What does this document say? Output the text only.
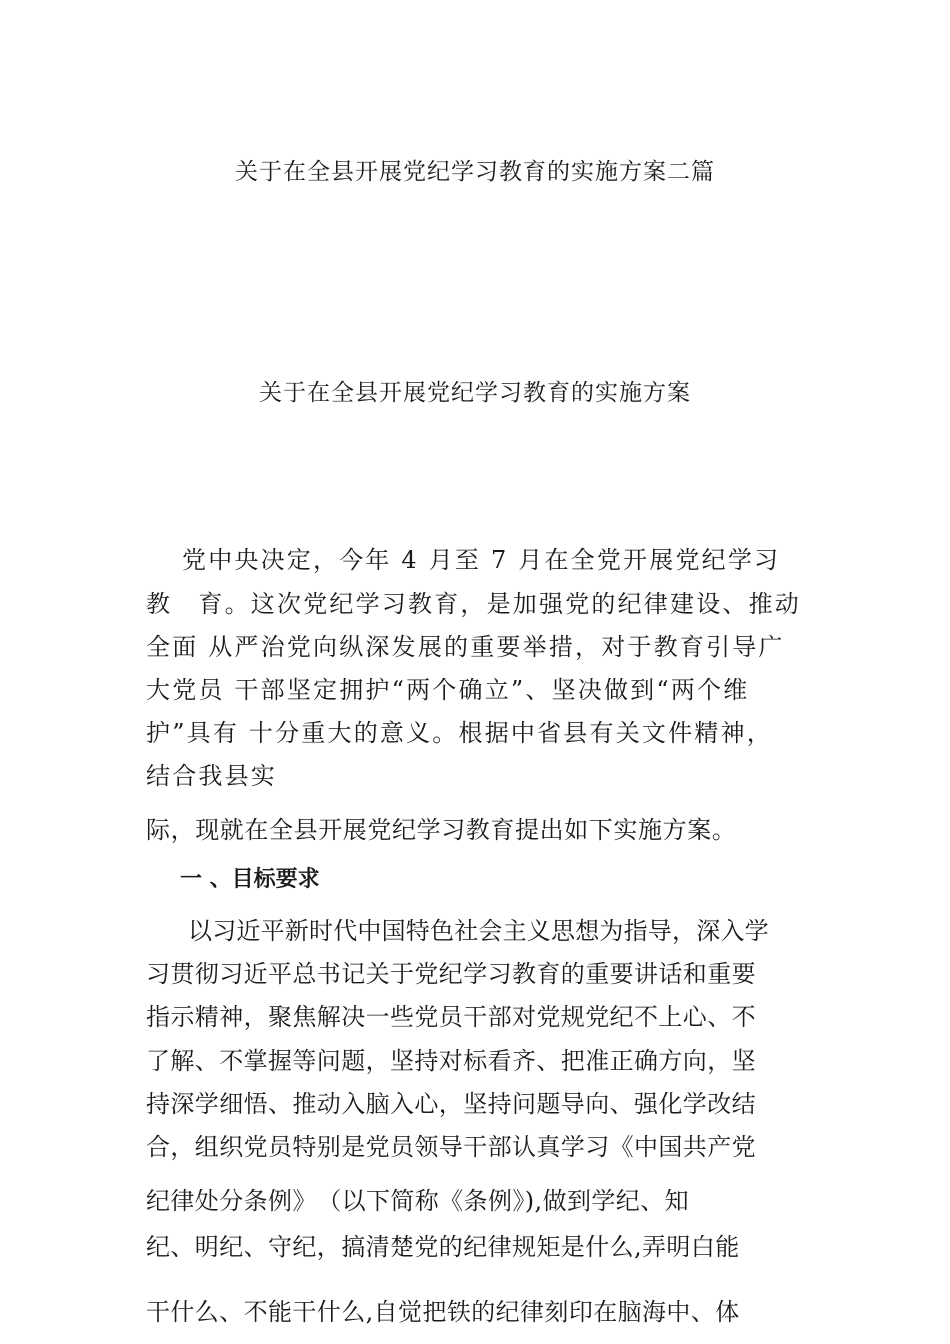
关于在全县开展党纪学习教育的实施方案二篇
关于在全县开展党纪学习教育的实施方案
党中央决定，今年 4 月至 7 月在全党开展党纪学习
教　育。这次党纪学习教育，是加强党的纪律建设、推动
全面 从严治党向纵深发展的重要举措，对于教育引导广
大党员 干部坚定拥护“两个确立”、坚决做到“两个维
护”具有 十分重大的意义。根据中省县有关文件精神，
结合我县实
际，现就在全县开展党纪学习教育提出如下实施方案。
一 、目标要求
以习近平新时代中国特色社会主义思想为指导，深入学
习贯彻习近平总书记关于党纪学习教育的重要讲话和重要
指示精神，聚焦解决一些党员干部对党规党纪不上心、不
了解、不掌握等问题，坚持对标看齐、把准正确方向，坚
持深学细悟、推动入脑入心，坚持问题导向、强化学改结
合，组织党员特别是党员领导干部认真学习《中国共产党
纪律处分条例》　（以下简称《条例》),做到学纪、知
纪、明纪、守纪，搞清楚党的纪律规矩是什么,弄明白能
干什么、不能干什么,自觉把铁的纪律刻印在脑海中、体
